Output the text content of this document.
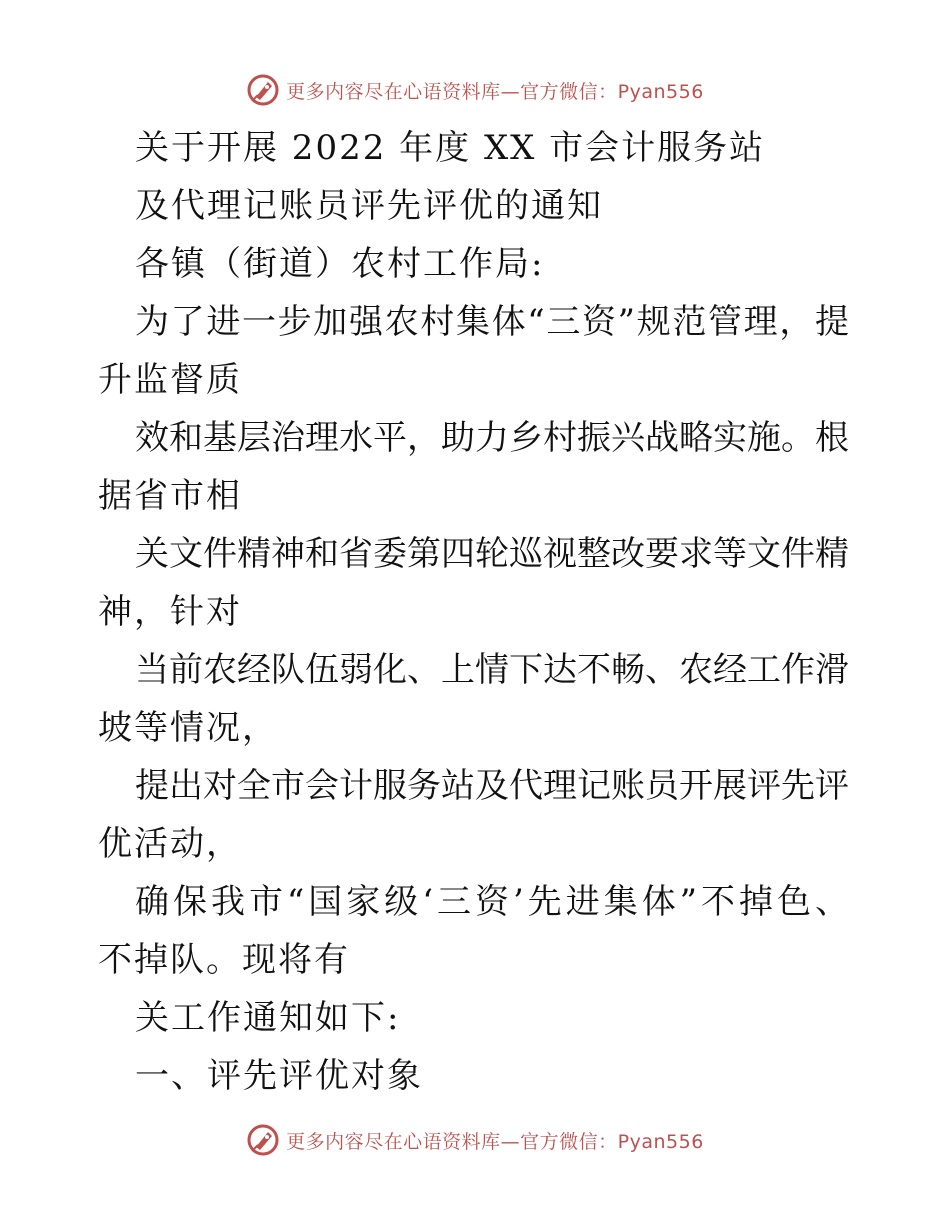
更多内容尽在心语资料库—官方微信：Pyan556
关于开展 2022 年度 XX 市会计服务站
及代理记账员评先评优的通知
各镇（街道）农村工作局:
为了进一步加强农村集体“三资”规范管理，提
升监督质
效和基层治理水平，助力乡村振兴战略实施。根
据省市相
关文件精神和省委第四轮巡视整改要求等文件精
神，针对
当前农经队伍弱化、上情下达不畅、农经工作滑
坡等情况，
提出对全市会计服务站及代理记账员开展评先评
优活动，
确保我市“国家级‘三资’先进集体”不掉色、
不掉队。现将有
关工作通知如下:
一、评先评优对象
更多内容尽在心语资料库—官方微信：Pyan556
